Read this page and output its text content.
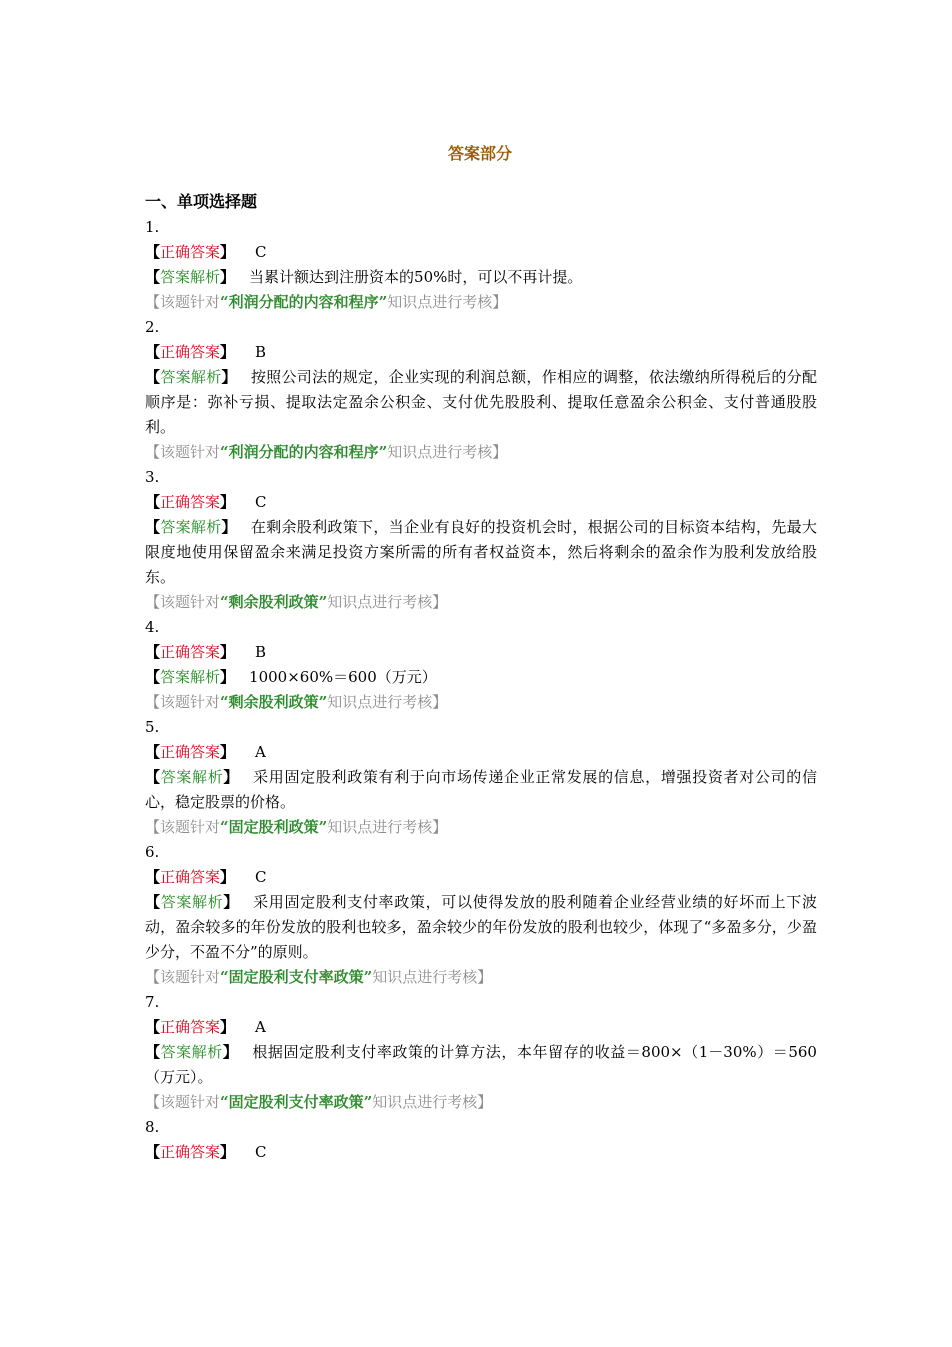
答案部分
一、单项选择题
1.
【正确答案】 C
【答案解析】 当累计额达到注册资本的50%时，可以不再计提。
【该题针对“利润分配的内容和程序”知识点进行考核】
2.
【正确答案】 B
【答案解析】 按照公司法的规定，企业实现的利润总额，作相应的调整，依法缴纳所得税后的分配顺序是：弥补亏损、提取法定盈余公积金、支付优先股股利、提取任意盈余公积金、支付普通股股利。
【该题针对“利润分配的内容和程序”知识点进行考核】
3.
【正确答案】 C
【答案解析】 在剩余股利政策下，当企业有良好的投资机会时，根据公司的目标资本结构，先最大限度地使用保留盈余来满足投资方案所需的所有者权益资本，然后将剩余的盈余作为股利发放给股东。
【该题针对“剩余股利政策”知识点进行考核】
4.
【正确答案】 B
【答案解析】 1000×60%＝600（万元）
【该题针对“剩余股利政策”知识点进行考核】
5.
【正确答案】 A
【答案解析】 采用固定股利政策有利于向市场传递企业正常发展的信息，增强投资者对公司的信心，稳定股票的价格。
【该题针对“固定股利政策”知识点进行考核】
6.
【正确答案】 C
【答案解析】 采用固定股利支付率政策，可以使得发放的股利随着企业经营业绩的好坏而上下波动，盈余较多的年份发放的股利也较多，盈余较少的年份发放的股利也较少，体现了“多盈多分，少盈少分，不盈不分”的原则。
【该题针对“固定股利支付率政策”知识点进行考核】
7.
【正确答案】 A
【答案解析】 根据固定股利支付率政策的计算方法，本年留存的收益＝800×（1－30%）＝560（万元）。
【该题针对“固定股利支付率政策”知识点进行考核】
8.
【正确答案】 C
